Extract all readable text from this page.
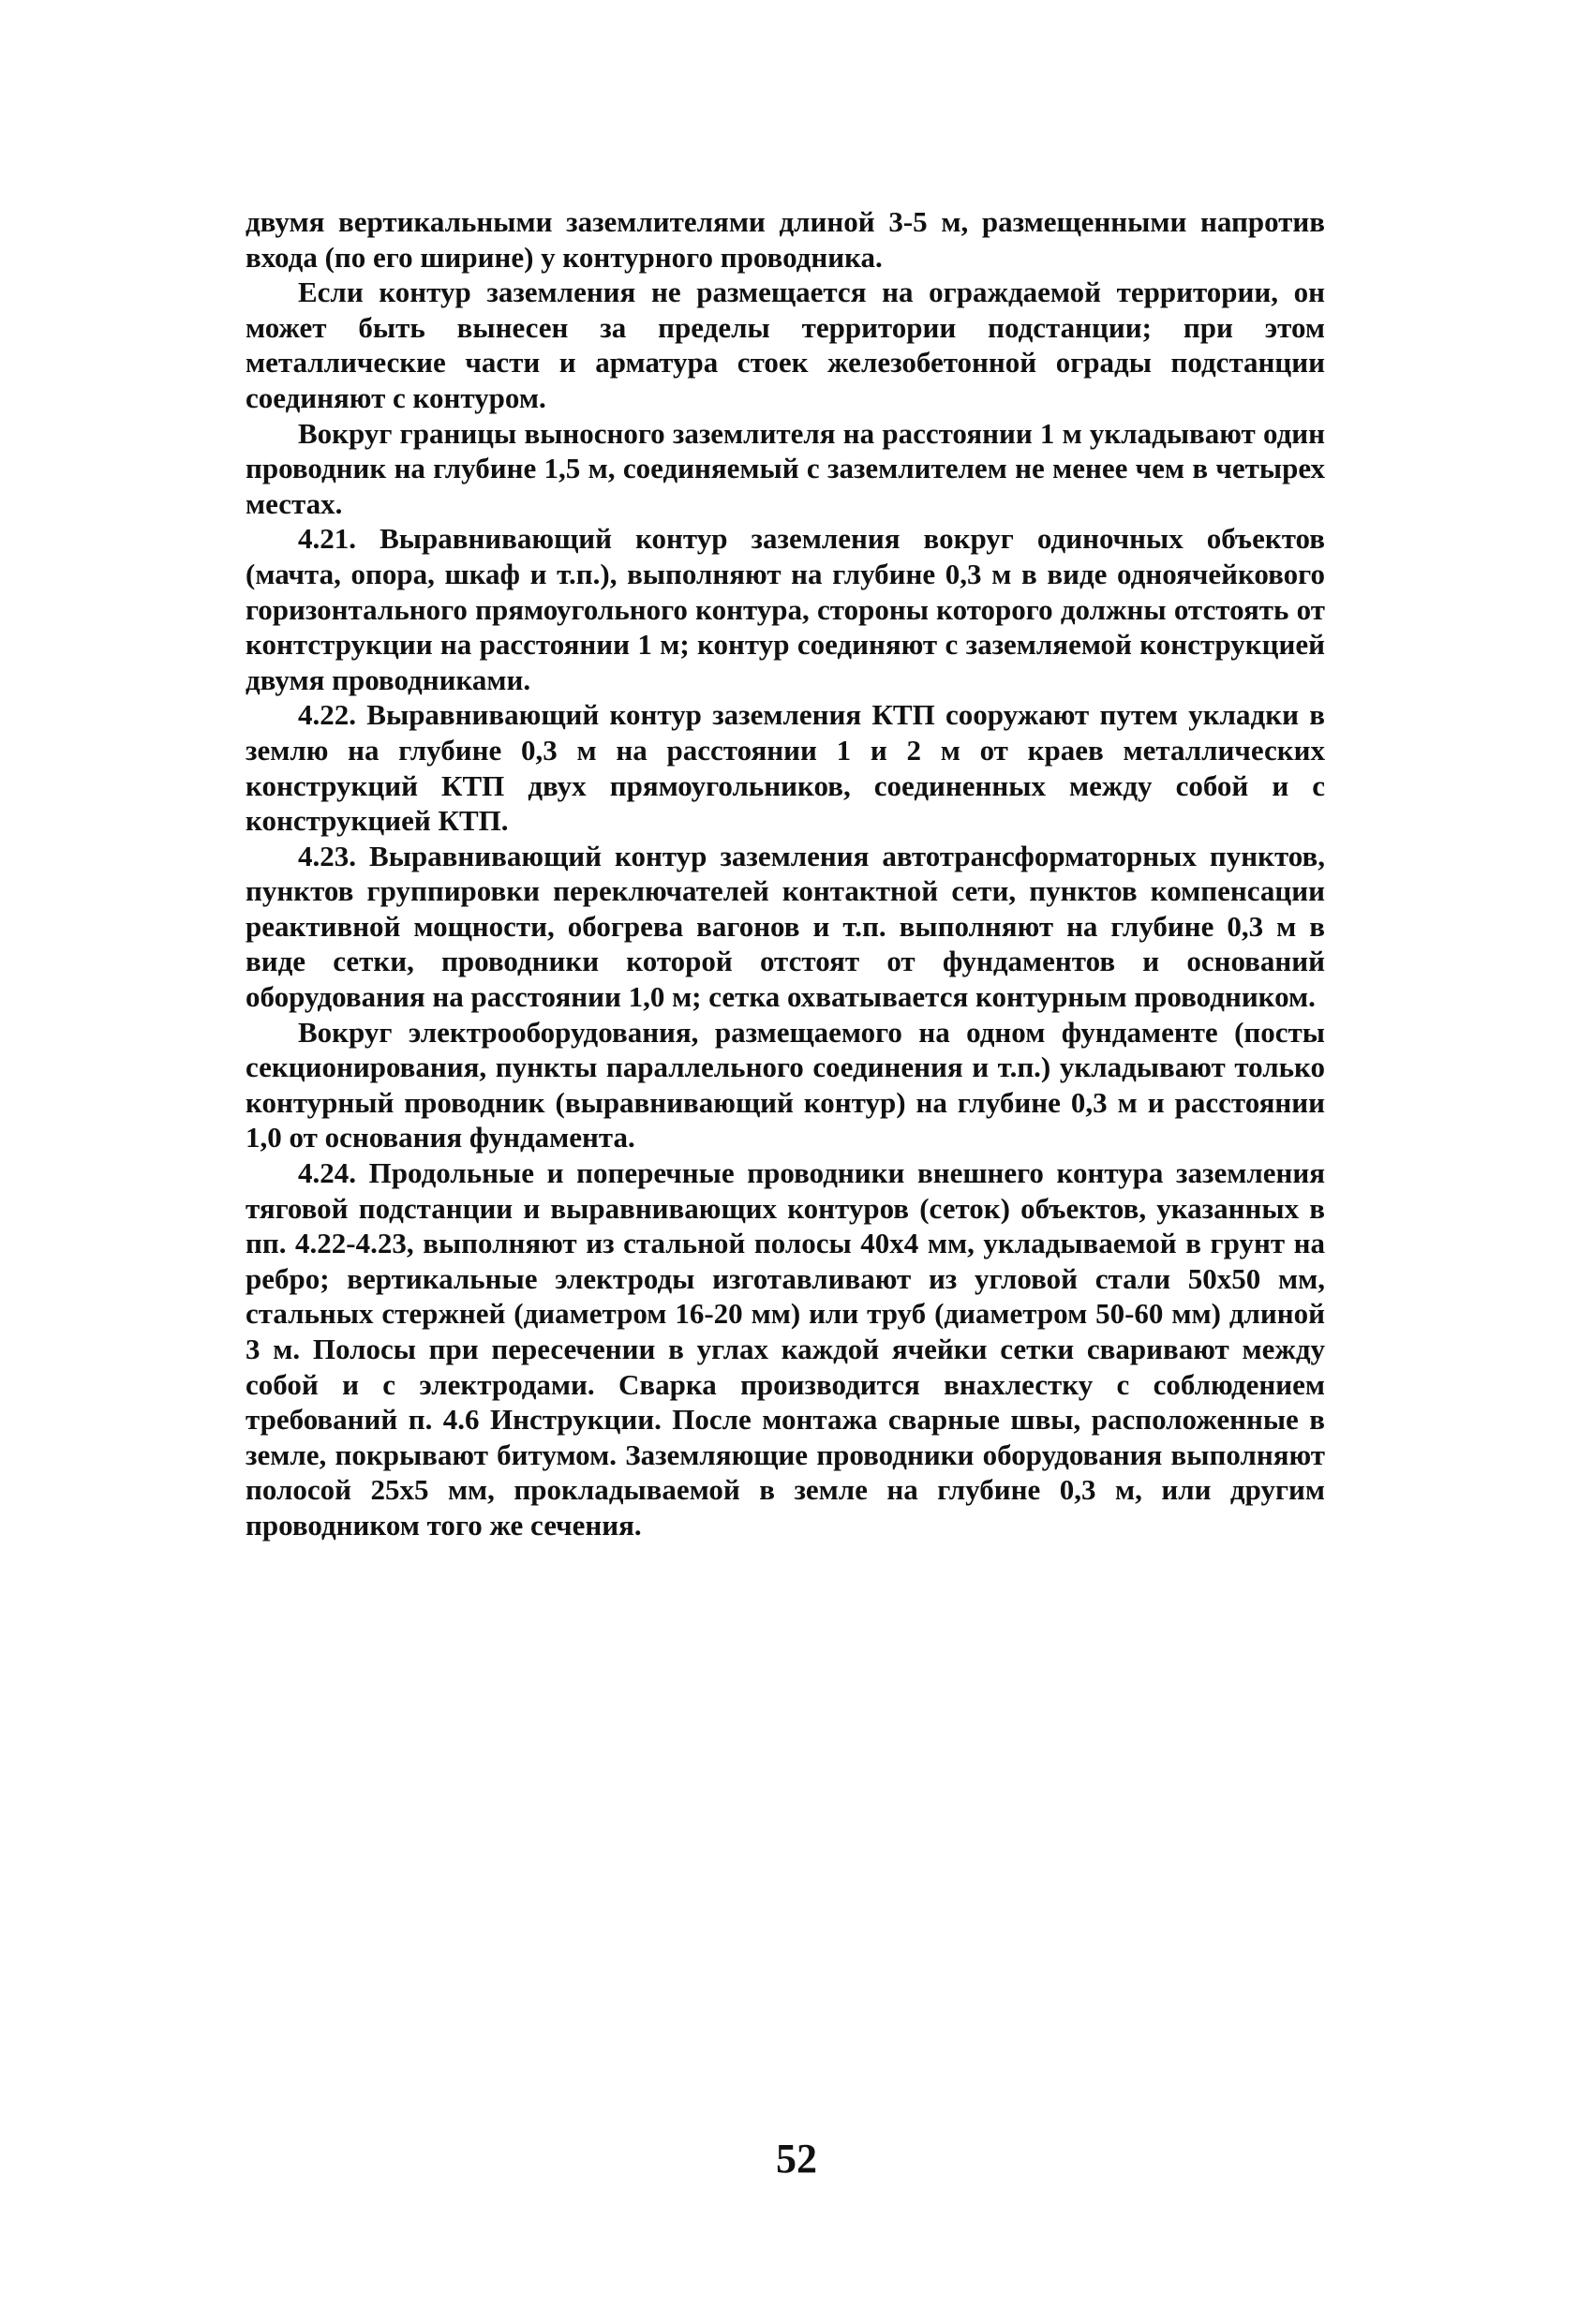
двумя вертикальными заземлителями длиной 3-5 м, размещенными напротив входа (по его ширине) у контурного проводника.

Если контур заземления не размещается на ограждаемой территории, он может быть вынесен за пределы территории подстанции; при этом металлические части и арматура стоек железобетонной ограды подстанции соединяют с контуром.

Вокруг границы выносного заземлителя на расстоянии 1 м укладывают один проводник на глубине 1,5 м, соединяемый с заземлителем не менее чем в четырех местах.

4.21. Выравнивающий контур заземления вокруг одиночных объектов (мачта, опора, шкаф и т.п.), выполняют на глубине 0,3 м в виде одноячейкового горизонтального прямоугольного контура, стороны которого должны отстоять от контструкции на расстоянии 1 м; контур соединяют с заземляемой конструкцией двумя проводниками.

4.22. Выравнивающий контур заземления КТП сооружают путем укладки в землю на глубине 0,3 м на расстоянии 1 и 2 м от краев металлических конструкций КТП двух прямоугольников, соединенных между собой и с конструкцией КТП.

4.23. Выравнивающий контур заземления автотрансформаторных пунктов, пунктов группировки переключателей контактной сети, пунктов компенсации реактивной мощности, обогрева вагонов и т.п. выполняют на глубине 0,3 м в виде сетки, проводники которой отстоят от фундаментов и оснований оборудования на расстоянии 1,0 м; сетка охватывается контурным проводником.

Вокруг электрооборудования, размещаемого на одном фундаменте (посты секционирования, пункты параллельного соединения и т.п.) укладывают только контурный проводник (выравнивающий контур) на глубине 0,3 м и расстоянии 1,0 от основания фундамента.

4.24. Продольные и поперечные проводники внешнего контура заземления тяговой подстанции и выравнивающих контуров (сеток) объектов, указанных в пп. 4.22-4.23, выполняют из стальной полосы 40х4 мм, укладываемой в грунт на ребро; вертикальные электроды изготавливают из угловой стали 50х50 мм, стальных стержней (диаметром 16-20 мм) или труб (диаметром 50-60 мм) длиной 3 м. Полосы при пересечении в углах каждой ячейки сетки сваривают между собой и с электродами. Сварка производится внахлестку с соблюдением требований п. 4.6 Инструкции. После монтажа сварные швы, расположенные в земле, покрывают битумом. Заземляющие проводники оборудования выполняют полосой 25х5 мм, прокладываемой в земле на глубине 0,3 м, или другим проводником того же сечения.

52
